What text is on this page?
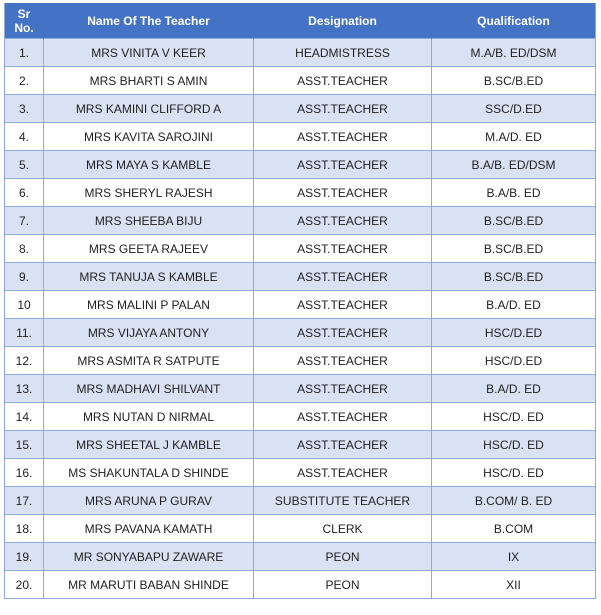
Sr
No.	Name Of The Teacher	Designation	Qualification
1.	MRS VINITA V KEER	HEADMISTRESS	M.A/B. ED/DSM
2.	MRS BHARTI S AMIN	ASST.TEACHER	B.SC/B.ED
3.	MRS KAMINI CLIFFORD A	ASST.TEACHER	SSC/D.ED
4.	MRS KAVITA SAROJINI	ASST.TEACHER	M.A/D. ED
5.	MRS MAYA S KAMBLE	ASST.TEACHER	B.A/B. ED/DSM
6.	MRS SHERYL RAJESH	ASST.TEACHER	B.A/B. ED
7.	MRS SHEEBA BIJU	ASST.TEACHER	B.SC/B.ED
8.	MRS GEETA RAJEEV	ASST.TEACHER	B.SC/B.ED
9.	MRS TANUJA S KAMBLE	ASST.TEACHER	B.SC/B.ED
10	MRS MALINI P PALAN	ASST.TEACHER	B.A/D. ED
11.	MRS VIJAYA ANTONY	ASST.TEACHER	HSC/D.ED
12.	MRS ASMITA R SATPUTE	ASST.TEACHER	HSC/D.ED
13.	MRS MADHAVI SHILVANT	ASST.TEACHER	B.A/D. ED
14.	MRS NUTAN D NIRMAL	ASST.TEACHER	HSC/D. ED
15.	MRS SHEETAL J KAMBLE	ASST.TEACHER	HSC/D. ED
16.	MS SHAKUNTALA D SHINDE	ASST.TEACHER	HSC/D. ED
17.	MRS ARUNA P GURAV	SUBSTITUTE TEACHER	B.COM/ B. ED
18.	MRS PAVANA KAMATH	CLERK	B.COM
19.	MR SONYABAPU ZAWARE	PEON	IX
20.	MR MARUTI BABAN SHINDE	PEON	XII
